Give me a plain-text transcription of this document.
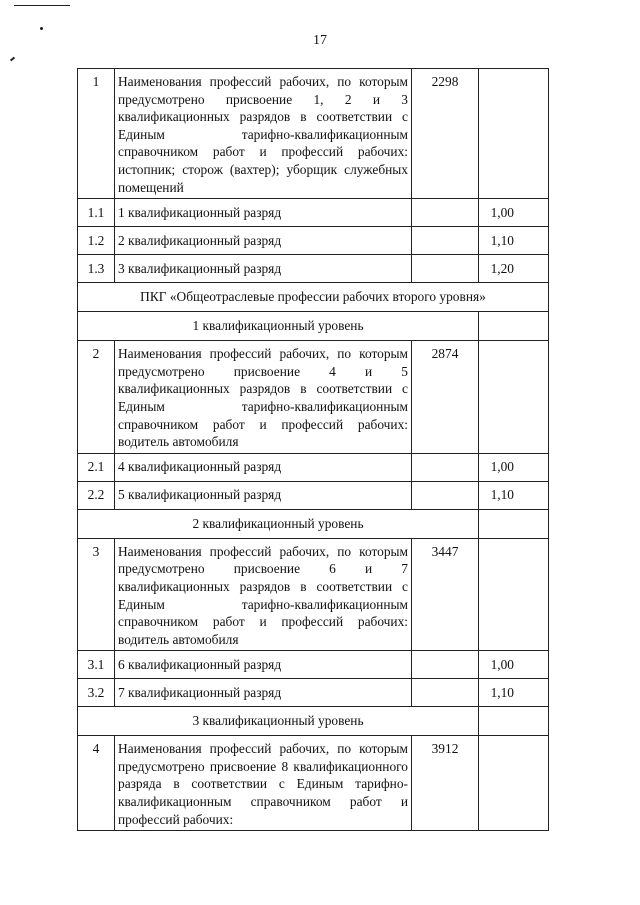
17
1	Наименования профессий рабочих, по которым предусмотрено присвоение 1, 2 и 3 квалификационных разрядов в соответствии с Единым тарифно-квалификационным справочником работ и профессий рабочих: истопник; сторож (вахтер); уборщик служебных помещений	2298	
1.1	1 квалификационный разряд		1,00
1.2	2 квалификационный разряд		1,10
1.3	3 квалификационный разряд		1,20
ПКГ «Общеотраслевые профессии рабочих второго уровня»			
1 квалификационный уровень			
2	Наименования профессий рабочих, по которым предусмотрено присвоение 4 и 5 квалификационных разрядов в соответствии с Единым тарифно-квалификационным справочником работ и профессий рабочих: водитель автомобиля	2874	
2.1	4 квалификационный разряд		1,00
2.2	5 квалификационный разряд		1,10
2 квалификационный уровень			
3	Наименования профессий рабочих, по которым предусмотрено присвоение 6 и 7 квалификационных разрядов в соответствии с Единым тарифно-квалификационным справочником работ и профессий рабочих: водитель автомобиля	3447	
3.1	6 квалификационный разряд		1,00
3.2	7 квалификационный разряд		1,10
3 квалификационный уровень			
4	Наименования профессий рабочих, по которым предусмотрено присвоение 8 квалификационного разряда в соответствии с Единым тарифно-квалификационным справочником работ и профессий рабочих:	3912	
